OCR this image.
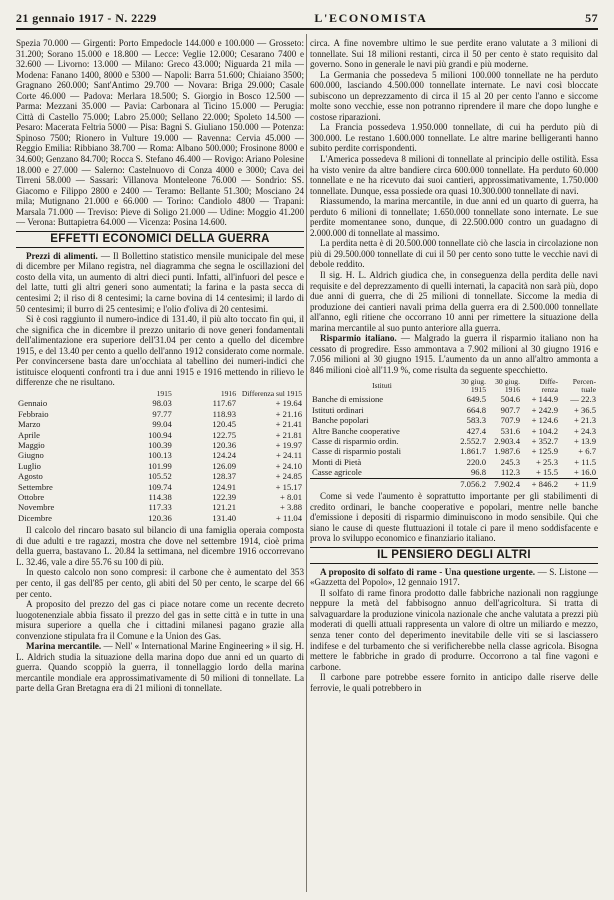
21 gennaio 1917 - N. 2229	L'ECONOMISTA	57

Spezia 70.000 — Girgenti: Porto Empedocle 144.000 e 100.000 — Grosseto: 31.200; Sorano 15.000 e 18.800 — Lecce: Veglie 12.000; Cesarano 7400 e 32.600 — Livorno: 13.000 — Milano: Greco 43.000; Niguarda 21 mila — Modena: Fanano 1400, 8000 e 5300 — Napoli: Barra 51.600; Chiaiano 3500; Gragnano 260.000; Sant'Antimo 29.700 — Novara: Briga 29.000; Casale Corte 46.000 — Padova: Merlara 18.500; S. Giorgio in Bosco 12.500 — Parma: Mezzani 35.000 — Pavia: Carbonara al Ticino 15.000 — Perugia: Città di Castello 75.000; Labro 25.000; Sellano 22.000; Spoleto 14.500 — Pesaro: Macerata Feltria 5000 — Pisa: Bagni S. Giuliano 150.000 — Potenza: Spinoso 7500; Rionero in Vulture 19.000 — Ravenna: Cervia 45.000 — Reggio Emilia: Ribbiano 38.700 — Roma: Albano 500.000; Frosinone 8000 e 34.600; Genzano 84.700; Rocca S. Stefano 46.400 — Rovigo: Ariano Polesine 18.000 e 27.000 — Salerno: Castelnuovo di Conza 4000 e 3000; Cava dei Tirreni 58.000 — Sassari: Villanova Monteleone 76.000 — Sondrio: SS. Giacomo e Filippo 2800 e 2400 — Teramo: Bellante 51.300; Mosciano 24 mila; Mutignano 21.000 e 66.000 — Torino: Candiolo 4800 — Trapani: Marsala 71.000 — Treviso: Pieve di Soligo 21.000 — Udine: Moggio 41.200 — Verona: Buttapietra 64.000 — Vicenza: Posina 14.600.

EFFETTI ECONOMICI DELLA GUERRA

Prezzi di alimenti. — Il Bollettino statistico mensile municipale del mese di dicembre per Milano registra, nel diagramma che segna le oscillazioni del costo della vita, un aumento di altri dieci punti. Infatti, all'infuori del pesce e del latte, tutti gli altri generi sono aumentati; la farina e la pasta secca di centesimi 2; il riso di 8 centesimi; la carne bovina di 14 centesimi; il lardo di 50 centesimi; il burro di 25 centesimi; e l'olio d'oliva di 20 centesimi.

Si è così raggiunto il numero-indice di 131.40, il più alto toccato fin qui, il che significa che in dicembre il prezzo unitario di nove generi fondamentali dell'alimentazione era superiore dell'31.04 per cento a quello del dicembre 1915, e del 13.40 per cento a quello dell'anno 1912 considerato come normale. Per convincersene basta dare un'occhiata al tabellino dei numeri-indici che istituisce eloquenti confronti tra i due anni 1915 e 1916 mettendo in rilievo le differenze che ne risultano.

	1915	1916	Differenza sul 1915
Gennaio	98.03	117.67	+ 19.64
Febbraio	97.77	118.93	+ 21.16
Marzo	99.04	120.45	+ 21.41
Aprile	100.94	122.75	+ 21.81
Maggio	100.39	120.36	+ 19.97
Giugno	100.13	124.24	+ 24.11
Luglio	101.99	126.09	+ 24.10
Agosto	105.52	128.37	+ 24.85
Settembre	109.74	124.91	+ 15.17
Ottobre	114.38	122.39	+ 8.01
Novembre	117.33	121.21	+ 3.88
Dicembre	120.36	131.40	+ 11.04

Il calcolo del rincaro basato sul bilancio di una famiglia operaia composta di due adulti e tre ragazzi, mostra che dove nel settembre 1914, cioè prima della guerra, bastavano L. 20.84 la settimana, nel dicembre 1916 occorrevano L. 32.46, vale a dire 55.76 su 100 di più.

In questo calcolo non sono compresi: il carbone che è aumentato del 353 per cento, il gas dell'85 per cento, gli abiti del 50 per cento, le scarpe del 66 per cento.

A proposito del prezzo del gas ci piace notare come un recente decreto luogotenenziale abbia fissato il prezzo del gas in sette città e in tutte in una misura superiore a quella che i cittadini milanesi pagano grazie alla convenzione stipulata fra il Comune e la Union des Gas.

Marina mercantile. — Nell' « International Marine Engineering » il sig. H. L. Aldrich studia la situazione della marina dopo due anni ed un quarto di guerra. Quando scoppiò la guerra, il tonnellaggio lordo della marina mercantile mondiale era approssimativamente di 50 milioni di tonnellate. La parte della Gran Bretagna era di 21 milioni di tonnellate.

circa. A fine novembre ultimo le sue perdite erano valutate a 3 milioni di tonnellate. Sui 18 milioni restanti, circa il 50 per cento è stato requisito dal governo. Sono in generale le navi più grandi e più moderne.

La Germania che possedeva 5 milioni 100.000 tonnellate ne ha perduto 600.000, lasciando 4.500.000 tonnellate internate. Le navi così bloccate subiscono un deprezzamento di circa il 15 al 20 per cento l'anno e siccome molte sono vecchie, esse non potranno riprendere il mare che dopo lunghe e costose riparazioni.

La Francia possedeva 1.950.000 tonnellate, di cui ha perduto più di 300.000. Le restano 1.600.000 tonnellate. Le altre marine belligeranti hanno subito perdite corrispondenti.

L'America possedeva 8 milioni di tonnellate al principio delle ostilità. Essa ha visto venire da altre bandiere circa 600.000 tonnellate. Ha perduto 60.000 tonnellate e ne ha ricevuto dai suoi cantieri, approssimativamente, 1.750.000 tonnellate. Dunque, essa possiede ora quasi 10.300.000 tonnellate di navi.

Riassumendo, la marina mercantile, in due anni ed un quarto di guerra, ha perduto 6 milioni di tonnellate; 1.650.000 tonnellate sono internate. Le sue perdite momentanee sono, dunque, di 22.500.000 contro un guadagno di 2.000.000 di tonnellate al massimo.

La perdita netta è di 20.500.000 tonnellate ciò che lascia in circolazione non più di 29.500.000 tonnellate di cui il 50 per cento sono tutte le vecchie navi di debole reddito.

Il sig. H. L. Aldrich giudica che, in conseguenza della perdita delle navi requisite e del deprezzamento di quelli internati, la capacità non sarà più, dopo due anni di guerra, che di 25 milioni di tonnellate. Siccome la media di produzione dei cantieri navali prima della guerra era di 2.500.000 tonnellate all'anno, egli ritiene che occorrano 10 anni per rimettere la situazione della marina mercantile al suo punto anteriore alla guerra.

Risparmio italiano. — Malgrado la guerra il risparmio italiano non ha cessato di progredire. Esso ammontava a 7.902 milioni al 30 giugno 1916 e 7.056 milioni al 30 giugno 1915. L'aumento da un anno all'altro ammonta a 846 milioni cioè all'11.9 %, come risulta da seguente specchietto.

Istituti	30 giug. 1915	30 giug. 1916	Diffe-renza	Percen-tuale
Banche di emissione	649.5	504.6	+ 144.9	— 22.3
Istituti ordinari	664.8	907.7	+ 242.9	+ 36.5
Banche popolari	583.3	707.9	+ 124.6	+ 21.3
Altre Banche cooperative	427.4	531.6	+ 104.2	+ 24.3
Casse di risparmio ordin.	2.552.7	2.903.4	+ 352.7	+ 13.9
Casse di risparmio postali	1.861.7	1.987.6	+ 125.9	+ 6.7
Monti di Pietà	220.0	245.3	+ 25.3	+ 11.5
Casse agricole	96.8	112.3	+ 15.5	+ 16.0
	7.056.2	7.902.4	+ 846.2	+ 11.9

Come si vede l'aumento è soprattutto importante per gli stabilimenti di credito ordinari, le banche cooperative e popolari, mentre nelle banche d'emissione i depositi di risparmio diminuiscono in modo sensibile. Qui che siano le cause di queste fluttuazioni il totale ci pare il meno soddisfacente e prova lo sviluppo economico e finanziario italiano.

IL PENSIERO DEGLI ALTRI

A proposito di solfato di rame - Una questione urgente. — S. Listone — «Gazzetta del Popolo», 12 gennaio 1917.

Il solfato di rame finora prodotto dalle fabbriche nazionali non raggiunge neppure la metà del fabbisogno annuo dell'agricoltura. Si tratta di salvaguardare la produzione vinicola nazionale che anche valutata a prezzi più moderati di quelli attuali rappresenta un valore di oltre un miliardo e mezzo, senza tener conto del deperimento inevitabile delle viti se si lasciassero indifese e del turbamento che si verificherebbe nella classe agricola. Bisogna mettere le fabbriche in grado di produrre. Occorrono a tal fine vagoni e carbone.

Il carbone pare potrebbe essere fornito in anticipo dalle riserve delle ferrovie, le quali potrebbero in
